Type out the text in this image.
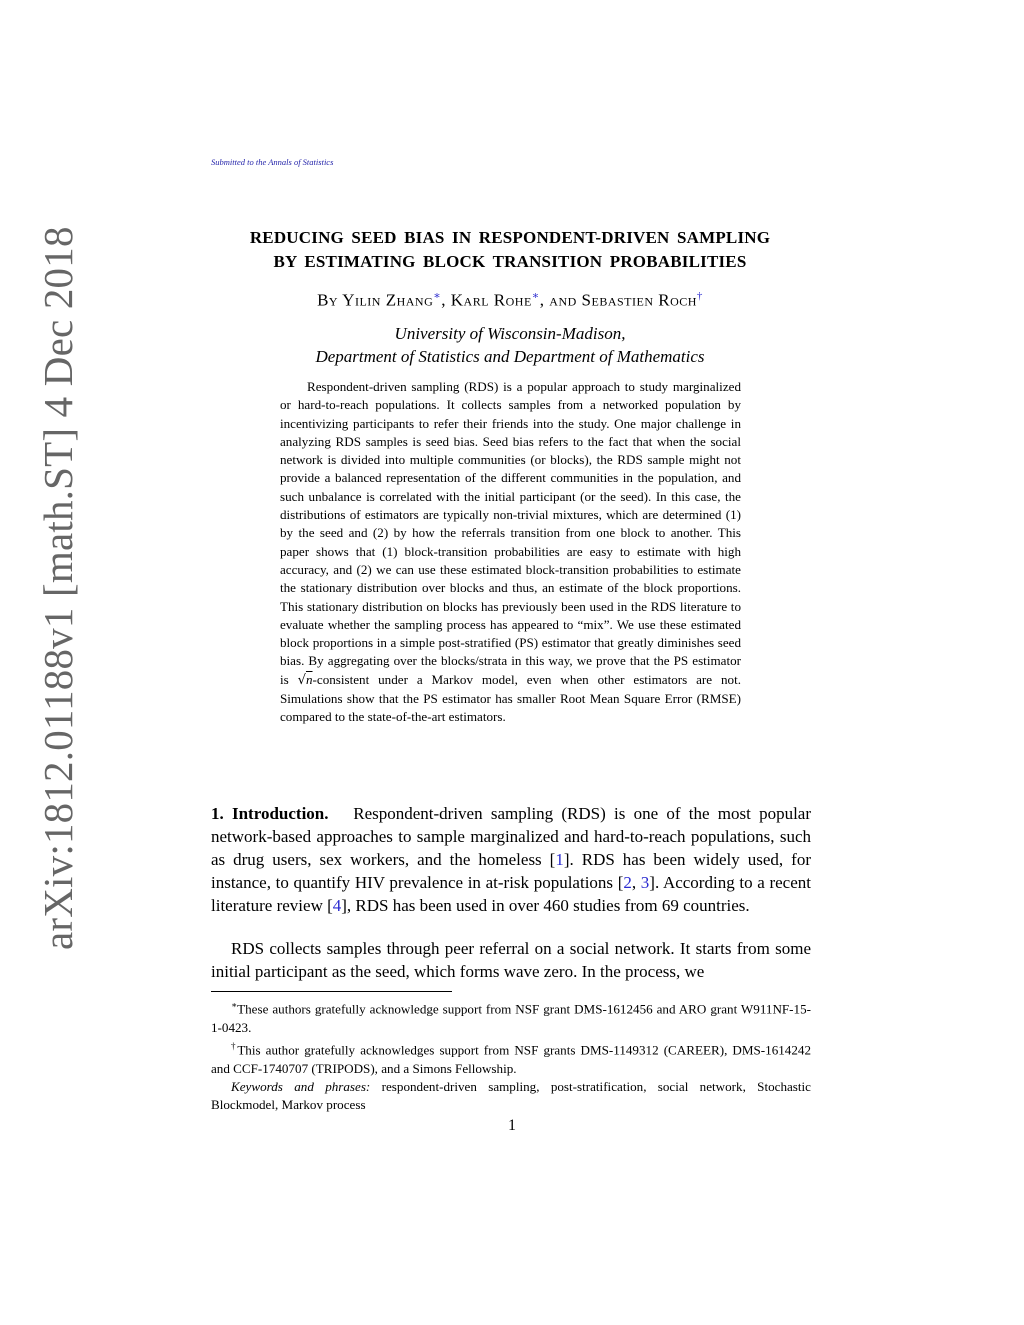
arXiv:1812.01188v1 [math.ST] 4 Dec 2018
Submitted to the Annals of Statistics
REDUCING SEED BIAS IN RESPONDENT-DRIVEN SAMPLING
BY ESTIMATING BLOCK TRANSITION PROBABILITIES
By Yilin Zhang∗, Karl Rohe∗, and Sebastien Roch†
University of Wisconsin-Madison,
Department of Statistics and Department of Mathematics
Respondent-driven sampling (RDS) is a popular approach to study marginalized or hard-to-reach populations. It collects samples from a networked population by incentivizing participants to refer their friends into the study. One major challenge in analyzing RDS samples is seed bias. Seed bias refers to the fact that when the social network is divided into multiple communities (or blocks), the RDS sample might not provide a balanced representation of the different communities in the population, and such unbalance is correlated with the initial participant (or the seed). In this case, the distributions of estimators are typically non-trivial mixtures, which are determined (1) by the seed and (2) by how the referrals transition from one block to another. This paper shows that (1) block-transition probabilities are easy to estimate with high accuracy, and (2) we can use these estimated block-transition probabilities to estimate the stationary distribution over blocks and thus, an estimate of the block proportions. This stationary distribution on blocks has previously been used in the RDS literature to evaluate whether the sampling process has appeared to “mix”. We use these estimated block proportions in a simple post-stratified (PS) estimator that greatly diminishes seed bias. By aggregating over the blocks/strata in this way, we prove that the PS estimator is √n-consistent under a Markov model, even when other estimators are not. Simulations show that the PS estimator has smaller Root Mean Square Error (RMSE) compared to the state-of-the-art estimators.
1. Introduction. Respondent-driven sampling (RDS) is one of the most popular network-based approaches to sample marginalized and hard-to-reach populations, such as drug users, sex workers, and the homeless [1]. RDS has been widely used, for instance, to quantify HIV prevalence in at-risk populations [2, 3]. According to a recent literature review [4], RDS has been used in over 460 studies from 69 countries.
RDS collects samples through peer referral on a social network. It starts from some initial participant as the seed, which forms wave zero. In the process, we

∗These authors gratefully acknowledge support from NSF grant DMS-1612456 and ARO grant W911NF-15-1-0423.

†This author gratefully acknowledges support from NSF grants DMS-1149312 (CAREER), DMS-1614242 and CCF-1740707 (TRIPODS), and a Simons Fellowship.

Keywords and phrases: respondent-driven sampling, post-stratification, social network, Stochastic Blockmodel, Markov process

1
